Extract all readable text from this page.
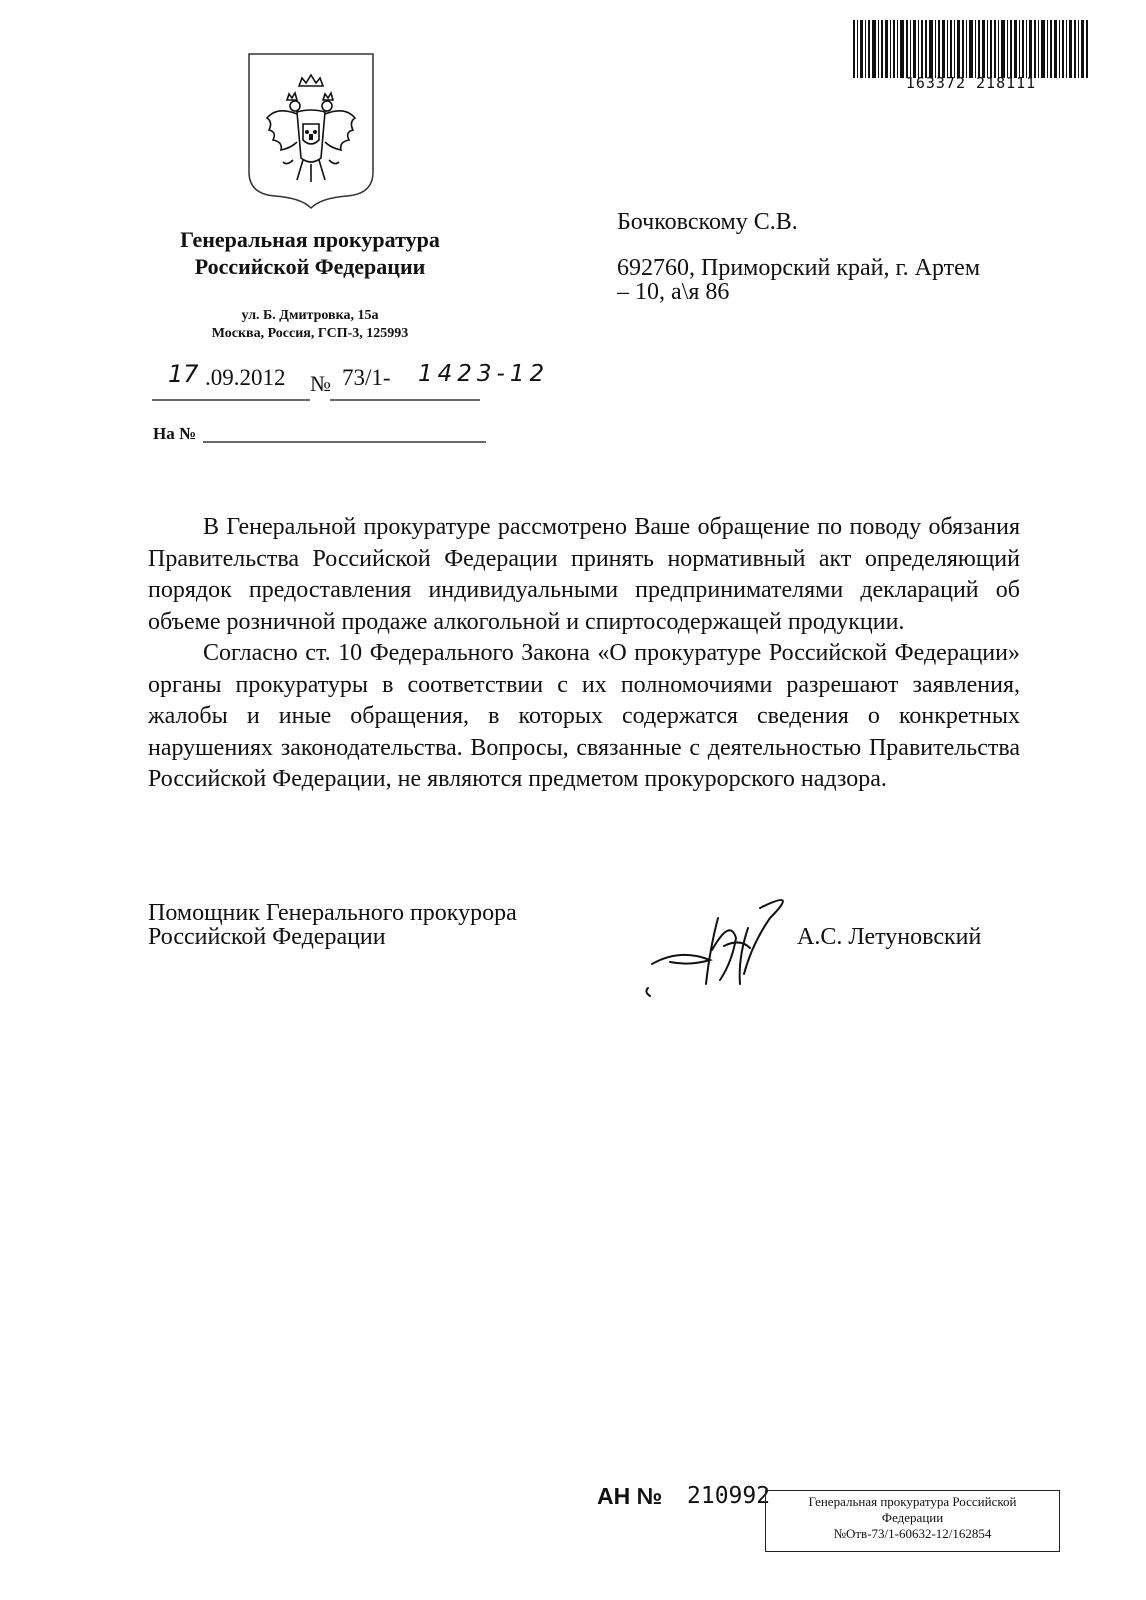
163372 218111
Генеральная прокуратура
Российской Федерации
ул. Б. Дмитровка, 15а
Москва, Россия, ГСП-3, 125993
17 .09.2012 № 73/1- 1423-12
На №
Бочковскому С.В.
692760, Приморский край, г. Артем
– 10, а\я 86

В Генеральной прокуратуре рассмотрено Ваше обращение по поводу обязания Правительства Российской Федерации принять нормативный акт определяющий порядок предоставления индивидуальными предпринимателями деклараций об объеме розничной продаже алкогольной и спиртосодержащей продукции.

Согласно ст. 10 Федерального Закона «О прокуратуре Российской Федерации» органы прокуратуры в соответствии с их полномочиями разрешают заявления, жалобы и иные обращения, в которых содержатся сведения о конкретных нарушениях законодательства. Вопросы, связанные с деятельностью Правительства Российской Федерации, не являются предметом прокурорского надзора.

Помощник Генерального прокурора
Российской Федерации	А.С. Летуновский
АН № 210992	Генеральная прокуратура Российской
Федерации
№Отв-73/1-60632-12/162854
